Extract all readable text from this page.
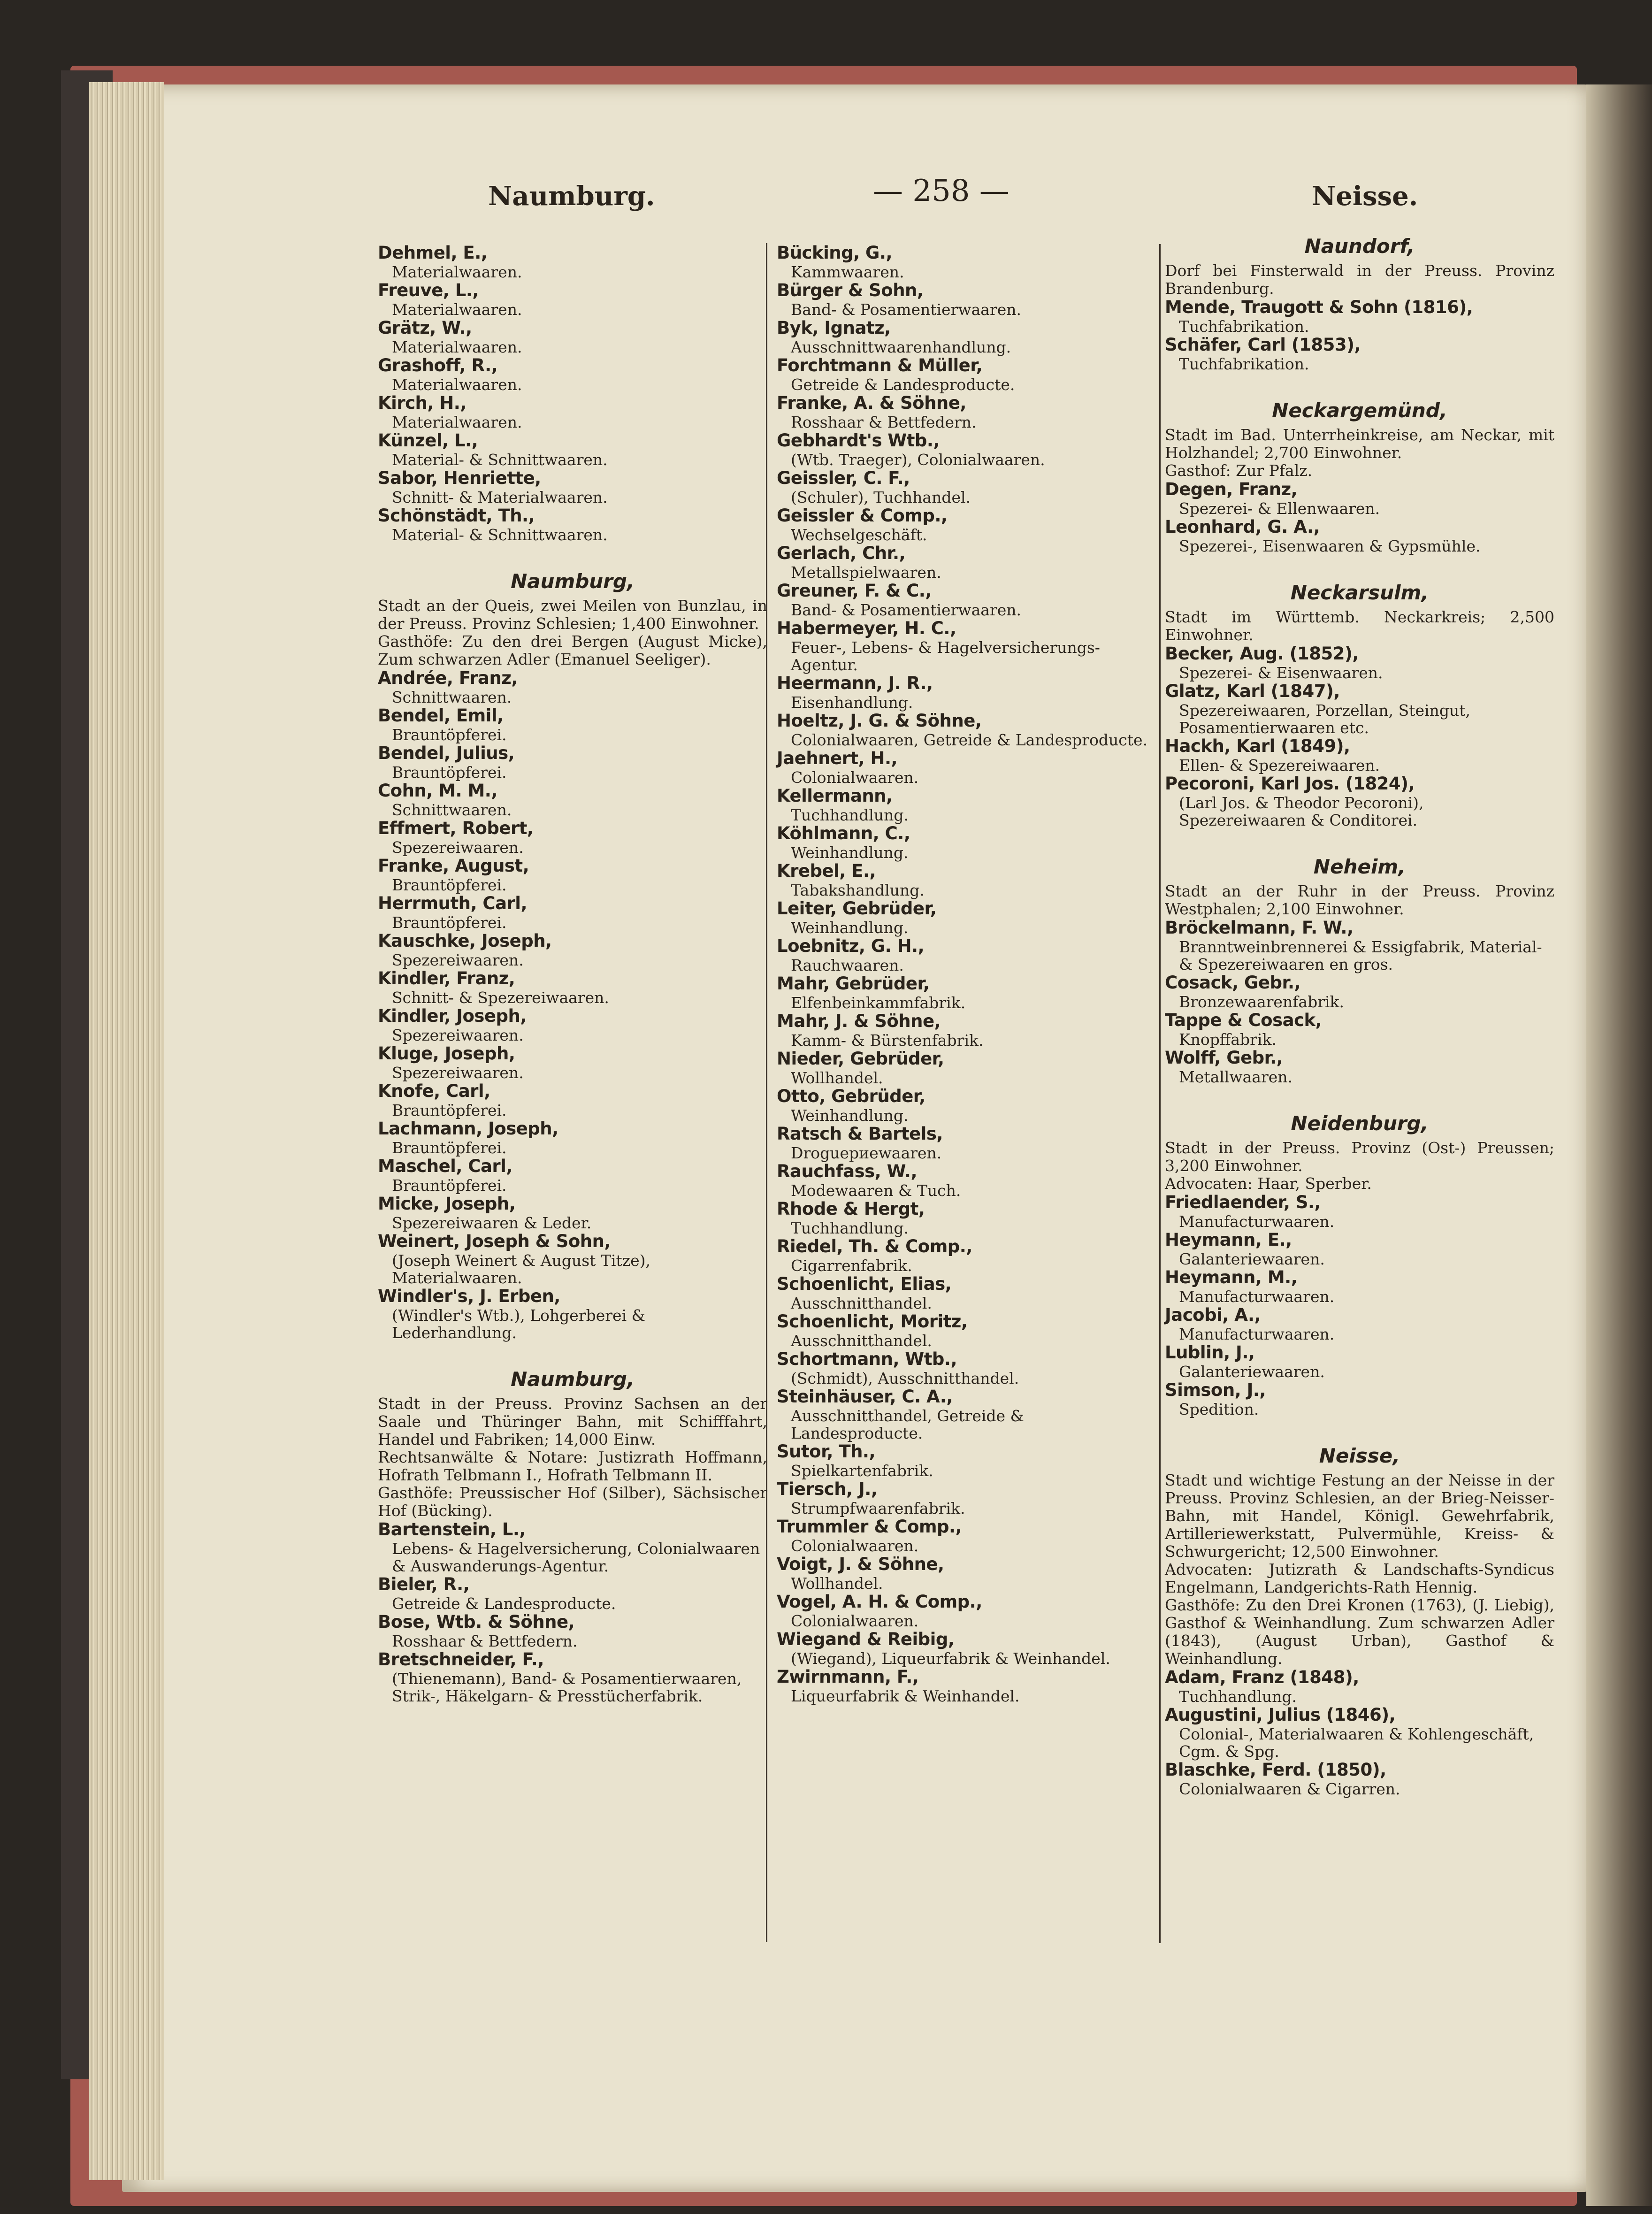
Naumburg.	— 258 —	Neisse.
Dehmel, E.,
Materialwaaren.
Freuve, L.,
Materialwaaren.
Grätz, W.,
Materialwaaren.
Grashoff, R.,
Materialwaaren.
Kirch, H.,
Materialwaaren.
Künzel, L.,
Material- & Schnittwaaren.
Sabor, Henriette,
Schnitt- & Materialwaaren.
Schönstädt, Th.,
Material- & Schnittwaaren.
Naumburg,
Stadt an der Queis, zwei Meilen von Bunzlau, in der Preuss. Provinz Schlesien; 1,400 Einwohner.
Gasthöfe: Zu den drei Bergen (August Micke), Zum schwarzen Adler (Emanuel Seeliger).
Andrée, Franz,
Schnittwaaren.
Bendel, Emil,
Brauntöpferei.
Bendel, Julius,
Brauntöpferei.
Cohn, M. M.,
Schnittwaaren.
Effmert, Robert,
Spezereiwaaren.
Franke, August,
Brauntöpferei.
Herrmuth, Carl,
Brauntöpferei.
Kauschke, Joseph,
Spezereiwaaren.
Kindler, Franz,
Schnitt- & Spezereiwaaren.
Kindler, Joseph,
Spezereiwaaren.
Kluge, Joseph,
Spezereiwaaren.
Knofe, Carl,
Brauntöpferei.
Lachmann, Joseph,
Brauntöpferei.
Maschel, Carl,
Brauntöpferei.
Micke, Joseph,
Spezereiwaaren & Leder.
Weinert, Joseph & Sohn,
(Joseph Weinert & August Titze), Materialwaaren.
Windler's, J. Erben,
(Windler's Wtb.), Lohgerberei & Lederhandlung.
Naumburg,
Stadt in der Preuss. Provinz Sachsen an der Saale und Thüringer Bahn, mit Schifffahrt, Handel und Fabriken; 14,000 Einw.
Rechtsanwälte & Notare: Justizrath Hoffmann, Hofrath Telbmann I., Hofrath Telbmann II.
Gasthöfe: Preussischer Hof (Silber), Sächsischer Hof (Bücking).
Bartenstein, L.,
Lebens- & Hagelversicherung, Colonialwaaren & Auswanderungs-Agentur.
Bieler, R.,
Getreide & Landesproducte.
Bose, Wtb. & Söhne,
Rosshaar & Bettfedern.
Bretschneider, F.,
(Thienemann), Band- & Posamentierwaaren, Strik-, Häkelgarn- & Presstücherfabrik.
Bücking, G.,
Kammwaaren.
Bürger & Sohn,
Band- & Posamentierwaaren.
Byk, Ignatz,
Ausschnittwaarenhandlung.
Forchtmann & Müller,
Getreide & Landesproducte.
Franke, A. & Söhne,
Rosshaar & Bettfedern.
Gebhardt's Wtb.,
(Wtb. Traeger), Colonialwaaren.
Geissler, C. F.,
(Schuler), Tuchhandel.
Geissler & Comp.,
Wechselgeschäft.
Gerlach, Chr.,
Metallspielwaaren.
Greuner, F. & C.,
Band- & Posamentierwaaren.
Habermeyer, H. C.,
Feuer-, Lebens- & Hagelversicherungs-Agentur.
Heermann, J. R.,
Eisenhandlung.
Hoeltz, J. G. & Söhne,
Colonialwaaren, Getreide & Landesproducte.
Jaehnert, H.,
Colonialwaaren.
Kellermann,
Tuchhandlung.
Köhlmann, C.,
Weinhandlung.
Krebel, E.,
Tabakshandlung.
Leiter, Gebrüder,
Weinhandlung.
Loebnitz, G. H.,
Rauchwaaren.
Mahr, Gebrüder,
Elfenbeinkammfabrik.
Mahr, J. & Söhne,
Kamm- & Bürstenfabrik.
Nieder, Gebrüder,
Wollhandel.
Otto, Gebrüder,
Weinhandlung.
Ratsch & Bartels,
Droguериewaaren.
Rauchfass, W.,
Modewaaren & Tuch.
Rhode & Hergt,
Tuchhandlung.
Riedel, Th. & Comp.,
Cigarrenfabrik.
Schoenlicht, Elias,
Ausschnitthandel.
Schoenlicht, Moritz,
Ausschnitthandel.
Schortmann, Wtb.,
(Schmidt), Ausschnitthandel.
Steinhäuser, C. A.,
Ausschnitthandel, Getreide & Landesproducte.
Sutor, Th.,
Spielkartenfabrik.
Tiersch, J.,
Strumpfwaarenfabrik.
Trummler & Comp.,
Colonialwaaren.
Voigt, J. & Söhne,
Wollhandel.
Vogel, A. H. & Comp.,
Colonialwaaren.
Wiegand & Reibig,
(Wiegand), Liqueurfabrik & Weinhandel.
Zwirnmann, F.,
Liqueurfabrik & Weinhandel.
Naundorf,
Dorf bei Finsterwald in der Preuss. Provinz Brandenburg.
Mende, Traugott & Sohn (1816),
Tuchfabrikation.
Schäfer, Carl (1853),
Tuchfabrikation.
Neckargemünd,
Stadt im Bad. Unterrheinkreise, am Neckar, mit Holzhandel; 2,700 Einwohner.
Gasthof: Zur Pfalz.
Degen, Franz,
Spezerei- & Ellenwaaren.
Leonhard, G. A.,
Spezerei-, Eisenwaaren & Gypsmühle.
Neckarsulm,
Stadt im Württemb. Neckarkreis; 2,500 Einwohner.
Becker, Aug. (1852),
Spezerei- & Eisenwaaren.
Glatz, Karl (1847),
Spezereiwaaren, Porzellan, Steingut, Posamentierwaaren etc.
Hackh, Karl (1849),
Ellen- & Spezereiwaaren.
Pecoroni, Karl Jos. (1824),
(Larl Jos. & Theodor Pecoroni), Spezereiwaaren & Conditorei.
Neheim,
Stadt an der Ruhr in der Preuss. Provinz Westphalen; 2,100 Einwohner.
Bröckelmann, F. W.,
Branntweinbrennerei & Essigfabrik, Material- & Spezereiwaaren en gros.
Cosack, Gebr.,
Bronzewaarenfabrik.
Tappe & Cosack,
Knopffabrik.
Wolff, Gebr.,
Metallwaaren.
Neidenburg,
Stadt in der Preuss. Provinz (Ost-) Preussen; 3,200 Einwohner.
Advocaten: Haar, Sperber.
Friedlaender, S.,
Manufacturwaaren.
Heymann, E.,
Galanteriewaaren.
Heymann, M.,
Manufacturwaaren.
Jacobi, A.,
Manufacturwaaren.
Lublin, J.,
Galanteriewaaren.
Simson, J.,
Spedition.
Neisse,
Stadt und wichtige Festung an der Neisse in der Preuss. Provinz Schlesien, an der Brieg-Neisser-Bahn, mit Handel, Königl. Gewehrfabrik, Artilleriewerkstatt, Pulvermühle, Kreiss- & Schwurgericht; 12,500 Einwohner.
Advocaten: Jutizrath & Landschafts-Syndicus Engelmann, Landgerichts-Rath Hennig.
Gasthöfe: Zu den Drei Kronen (1763), (J. Liebig), Gasthof & Weinhandlung. Zum schwarzen Adler (1843), (August Urban), Gasthof & Weinhandlung.
Adam, Franz (1848),
Tuchhandlung.
Augustini, Julius (1846),
Colonial-, Materialwaaren & Kohlengeschäft, Cgm. & Spg.
Blaschke, Ferd. (1850),
Colonialwaaren & Cigarren.
